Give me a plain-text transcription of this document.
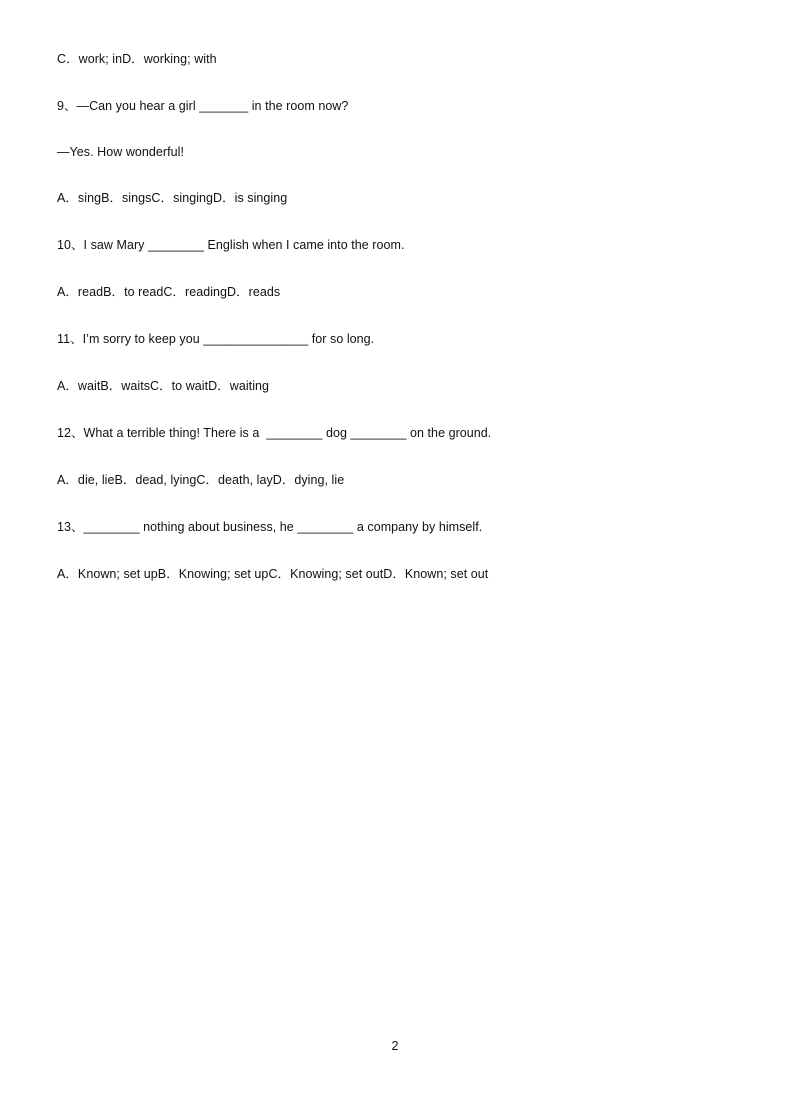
C．work; inD．working; with
9、—Can you hear a girl _______ in the room now?
—Yes. How wonderful!
A．singB．singsC．singingD．is singing
10、I saw Mary ________ English when I came into the room.
A．readB．to readC．readingD．reads
11、I’m sorry to keep you _______________ for so long.
A．waitB．waitsC．to waitD．waiting
12、What a terrible thing! There is a  ________ dog ________ on the ground.
A．die, lieB．dead, lyingC．death, layD．dying, lie
13、________ nothing about business, he ________ a company by himself.
A．Known; set upB．Knowing; set upC．Knowing; set outD．Known; set out
2
